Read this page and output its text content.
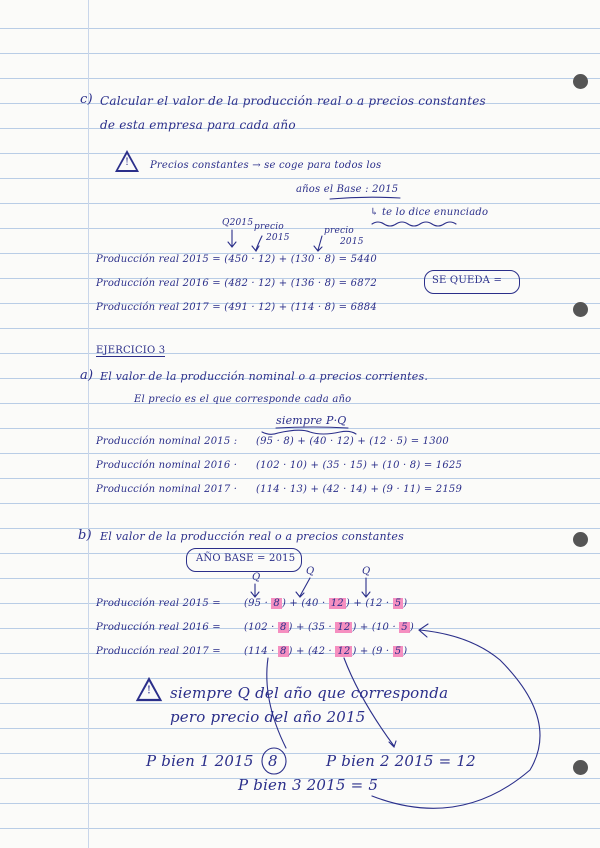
c) Calcular el valor de la producción real o a precios constantes
de esta empresa para cada año
! Precios constantes → se coge para todos los
años el Base : 2015
↳ te lo dice enunciado
Q2015 precio
2015
precio
2015
Producción real 2015 = (450 · 12) + (130 · 8) = 5440
Producción real 2016 = (482 · 12) + (136 · 8) = 6872
Producción real 2017 = (491 · 12) + (114 · 8) = 6884
SE QUEDA =
EJERCICIO 3
a) El valor de la producción nominal o a precios corrientes.
El precio es el que corresponde cada año
siempre P·Q
Producción nominal 2015 : (95 · 8) + (40 · 12) + (12 · 5) = 1300
Producción nominal 2016 · (102 · 10) + (35 · 15) + (10 · 8) = 1625
Producción nominal 2017 · (114 · 13) + (42 · 14) + (9 · 11) = 2159
b) El valor de la producción real o a precios constantes
AÑO BASE = 2015
Q
Q	Q
Producción real 2015 = (95 · 8 ) + (40 · 12 ) + (12 · 5 )
Producción real 2016 = (102 · 8 ) + (35 · 12 ) + (10 · 5 )
Producción real 2017 = (114 · 8 ) + (42 · 12 ) + (9 · 5 )
! siempre Q del año que corresponda
pero precio del año 2015
P bien 1 2015 8	P bien 2 2015 = 12
P bien 3 2015 = 5
